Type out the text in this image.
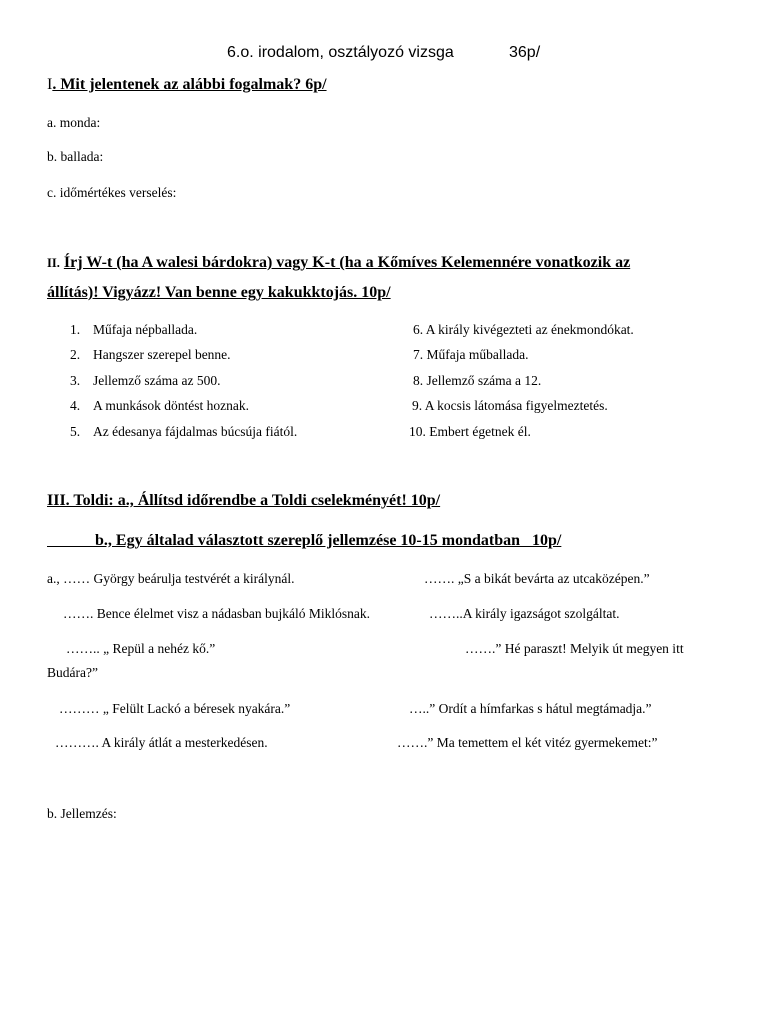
6.o. irodalom, osztályozó vizsga	36p/
I. Mit jelentenek az alábbi fogalmak? 6p/
a. monda:
b. ballada:
c. időmértékes verselés:
II. Írj W-t (ha A walesi bárdokra) vagy K-t (ha a Kőmíves Kelemennére vonatkozik az
állítás)! Vigyázz! Van benne egy kakukktojás. 10p/
1. Műfaja népballada.
2. Hangszer szerepel benne.
3. Jellemző száma az 500.
4. A munkások döntést hoznak.
5. Az édesanya fájdalmas búcsúja fiától.
6. A király kivégezteti az énekmondókat.
7. Műfaja műballada.
8. Jellemző száma a 12.
9. A kocsis látomása figyelmeztetés.
10. Embert égetnek él.
III. Toldi: a., Állítsd időrendbe a Toldi cselekményét! 10p/
b., Egy általad választott szereplő jellemzése 10-15 mondatban   10p/
a., …… György beárulja testvérét a királynál.	……. „S a bikát bevárta az utcaközépen.”
……. Bence élelmet visz a nádasban bujkáló Miklósnak.	……..A király igazságot szolgáltat.
…….. „ Repül a nehéz kő.”	…….” Hé paraszt! Melyik út megyen itt
Budára?”
……… „ Felült Lackó a béresek nyakára.”	…..” Ordít a hímfarkas s hátul megtámadja.”
………. A király átlát a mesterkedésen.	…….” Ma temettem el két vitéz gyermekemet:”
b. Jellemzés:
